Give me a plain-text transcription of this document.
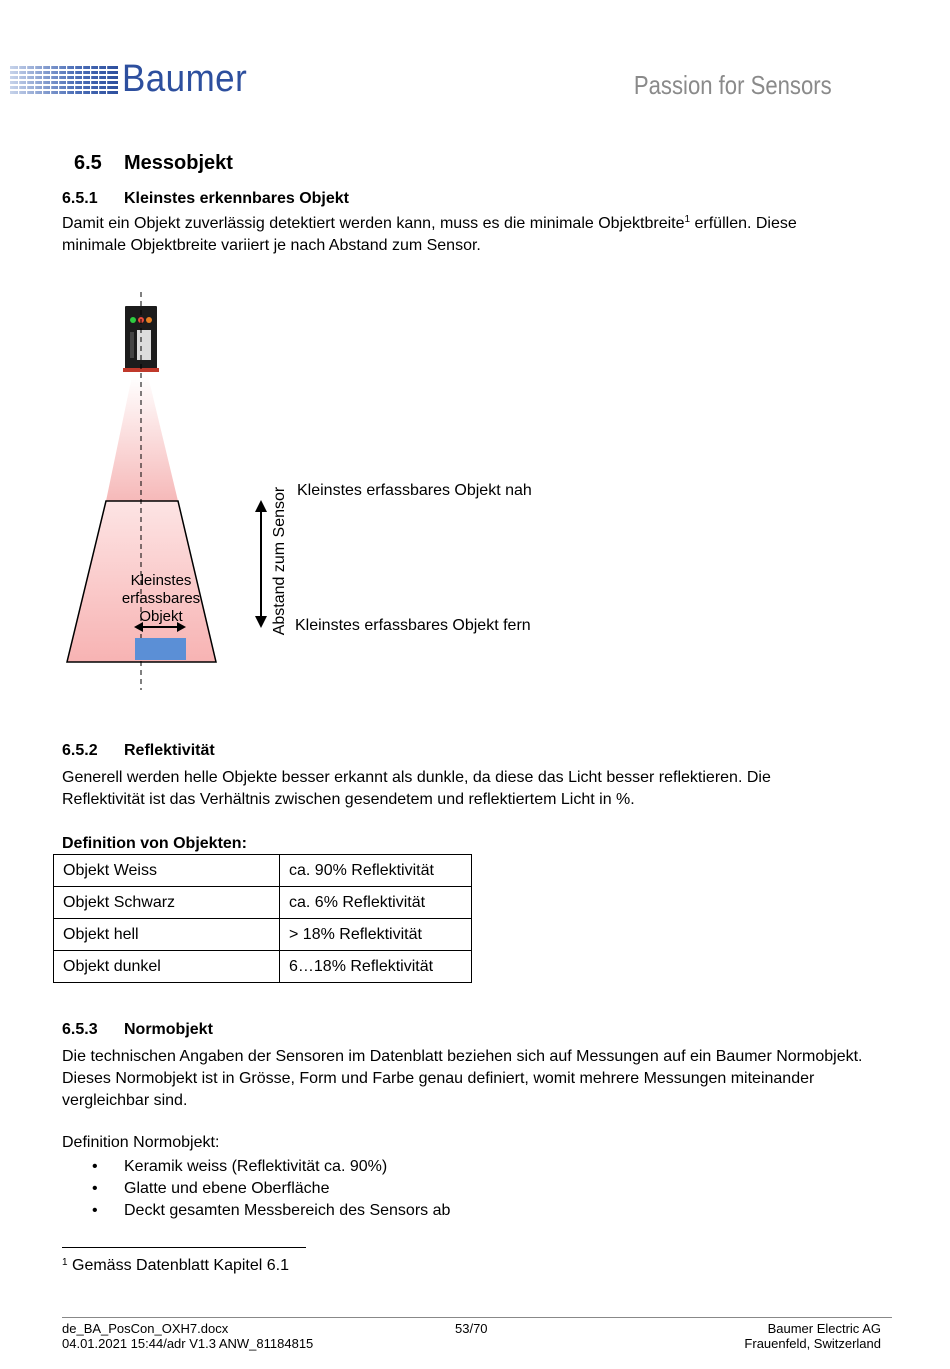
Baumer	Passion for Sensors
6.5 Messobjekt
6.5.1 Kleinstes erkennbares Objekt
Damit ein Objekt zuverlässig detektiert werden kann, muss es die minimale Objektbreite$^1$ erfüllen. Diese minimale Objektbreite variiert je nach Abstand zum Sensor.
Kleinstes
erfassbares
Objekt	Abstand zum Sensor Kleinstes erfassbares Objekt nah
Kleinstes erfassbares Objekt fern
6.5.2 Reflektivität
Generell werden helle Objekte besser erkannt als dunkle, da diese das Licht besser reflektieren. Die Reflektivität ist das Verhältnis zwischen gesendetem und reflektiertem Licht in %.
Definition von Objekten:
Objekt Weiss	ca. 90% Reflektivität
Objekt Schwarz	ca. 6% Reflektivität
Objekt hell	> 18% Reflektivität
Objekt dunkel	6…18% Reflektivität
6.5.3 Normobjekt
Die technischen Angaben der Sensoren im Datenblatt beziehen sich auf Messungen auf ein Baumer Normobjekt. Dieses Normobjekt ist in Grösse, Form und Farbe genau definiert, womit mehrere Messungen miteinander vergleichbar sind.
Definition Normobjekt:
• Keramik weiss (Reflektivität ca. 90%)
• Glatte und ebene Oberfläche
• Deckt gesamten Messbereich des Sensors ab
$^1$ Gemäss Datenblatt Kapitel 6.1
de_BA_PosCon_OXH7.docx
04.01.2021 15:44/adr V1.3 ANW_81184815
53/70	Baumer Electric AG
Frauenfeld, Switzerland
